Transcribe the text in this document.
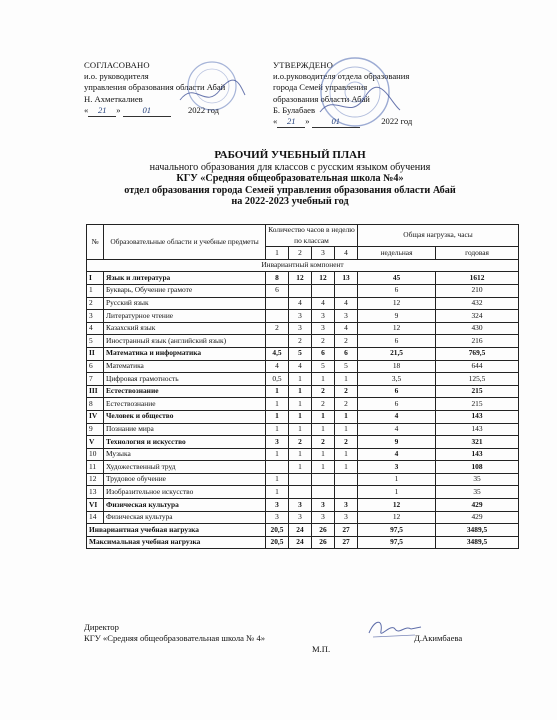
СОГЛАСОВАНО
и.о. руководителя
управления образования области Абай
Н. Ахметкалиев
« 21 » 01	2022 год
УТВЕРЖДЕНО
и.о.руководителя отдела образования
города Семей управления
образования области Абай
Б. Булабаев
« 21 » 01	2022 год
РАБОЧИЙ УЧЕБНЫЙ ПЛАН
начального образования для классов с русским языком обучения
КГУ «Средняя общеобразовательная школа №4»
отдел образования города Семей управления образования области Абай
на 2022-2023 учебный год
№	Образовательные области и учебные предметы	Количество часов в неделю по классам				Общая нагрузка, часы	
		1	2	3	4	недельная	годовая
Инвариантный компонент							
I	Язык и литература	8	12	12	13	45	1612
1	Букварь, Обучение грамоте	6				6	210
2	Русский язык		4	4	4	12	432
3	Литературное чтение		3	3	3	9	324
4	Казахский язык	2	3	3	4	12	430
5	Иностранный язык (английский язык)		2	2	2	6	216
II	Математика и информатика	4,5	5	6	6	21,5	769,5
6	Математика	4	4	5	5	18	644
7	Цифровая грамотность	0,5	1	1	1	3,5	125,5
III	Естествознание	1	1	2	2	6	215
8	Естествознание	1	1	2	2	6	215
IV	Человек и общество	1	1	1	1	4	143
9	Познание мира	1	1	1	1	4	143
V	Технология и искусство	3	2	2	2	9	321
10	Музыка	1	1	1	1	4	143
11	Художественный труд		1	1	1	3	108
12	Трудовое обучение	1				1	35
13	Изобразительное искусство	1				1	35
VI	Физическая культура	3	3	3	3	12	429
14	Физическая культура	3	3	3	3	12	429
Инвариантная учебная нагрузка		20,5	24	26	27	97,5	3489,5
Максимальная учебная нагрузка		20,5	24	26	27	97,5	3489,5
Директор
КГУ «Средняя общеобразовательная школа № 4»
М.П.
Д.Акимбаева
